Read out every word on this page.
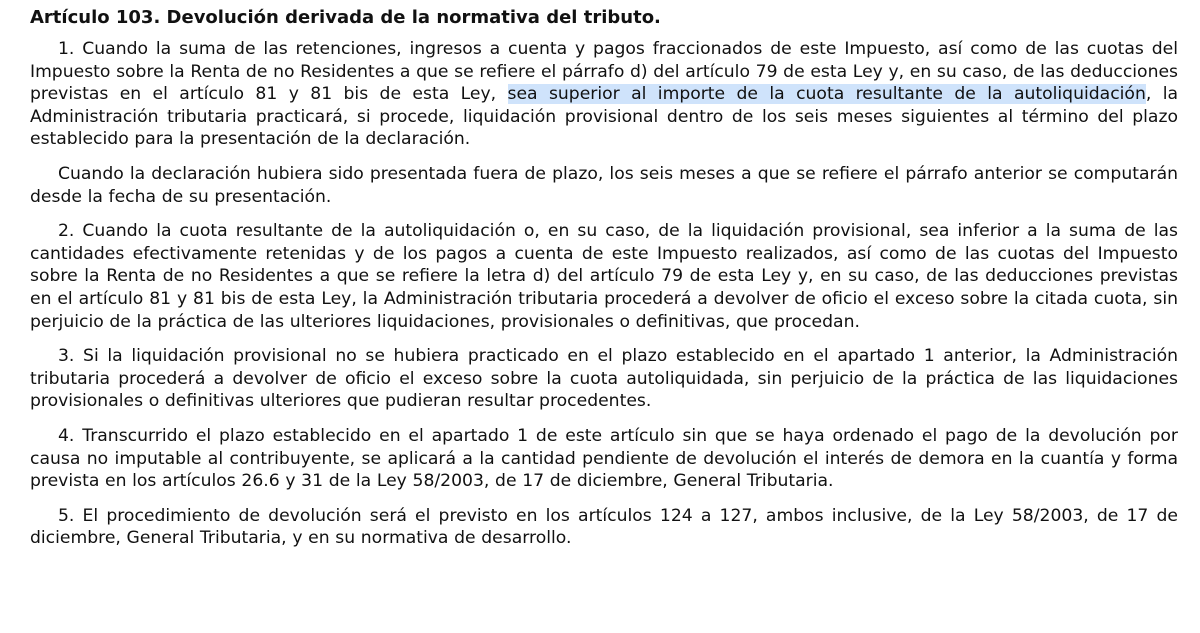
Artículo 103. Devolución derivada de la normativa del tributo.

1. Cuando la suma de las retenciones, ingresos a cuenta y pagos fraccionados de este Impuesto, así como de las cuotas del Impuesto sobre la Renta de no Residentes a que se refiere el párrafo d) del artículo 79 de esta Ley y, en su caso, de las deducciones previstas en el artículo 81 y 81 bis de esta Ley, sea superior al importe de la cuota resultante de la autoliquidación, la Administración tributaria practicará, si procede, liquidación provisional dentro de los seis meses siguientes al término del plazo establecido para la presentación de la declaración.

Cuando la declaración hubiera sido presentada fuera de plazo, los seis meses a que se refiere el párrafo anterior se computarán desde la fecha de su presentación.

2. Cuando la cuota resultante de la autoliquidación o, en su caso, de la liquidación provisional, sea inferior a la suma de las cantidades efectivamente retenidas y de los pagos a cuenta de este Impuesto realizados, así como de las cuotas del Impuesto sobre la Renta de no Residentes a que se refiere la letra d) del artículo 79 de esta Ley y, en su caso, de las deducciones previstas en el artículo 81 y 81 bis de esta Ley, la Administración tributaria procederá a devolver de oficio el exceso sobre la citada cuota, sin perjuicio de la práctica de las ulteriores liquidaciones, provisionales o definitivas, que procedan.

3. Si la liquidación provisional no se hubiera practicado en el plazo establecido en el apartado 1 anterior, la Administración tributaria procederá a devolver de oficio el exceso sobre la cuota autoliquidada, sin perjuicio de la práctica de las liquidaciones provisionales o definitivas ulteriores que pudieran resultar procedentes.

4. Transcurrido el plazo establecido en el apartado 1 de este artículo sin que se haya ordenado el pago de la devolución por causa no imputable al contribuyente, se aplicará a la cantidad pendiente de devolución el interés de demora en la cuantía y forma prevista en los artículos 26.6 y 31 de la Ley 58/2003, de 17 de diciembre, General Tributaria.

5. El procedimiento de devolución será el previsto en los artículos 124 a 127, ambos inclusive, de la Ley 58/2003, de 17 de diciembre, General Tributaria, y en su normativa de desarrollo.
